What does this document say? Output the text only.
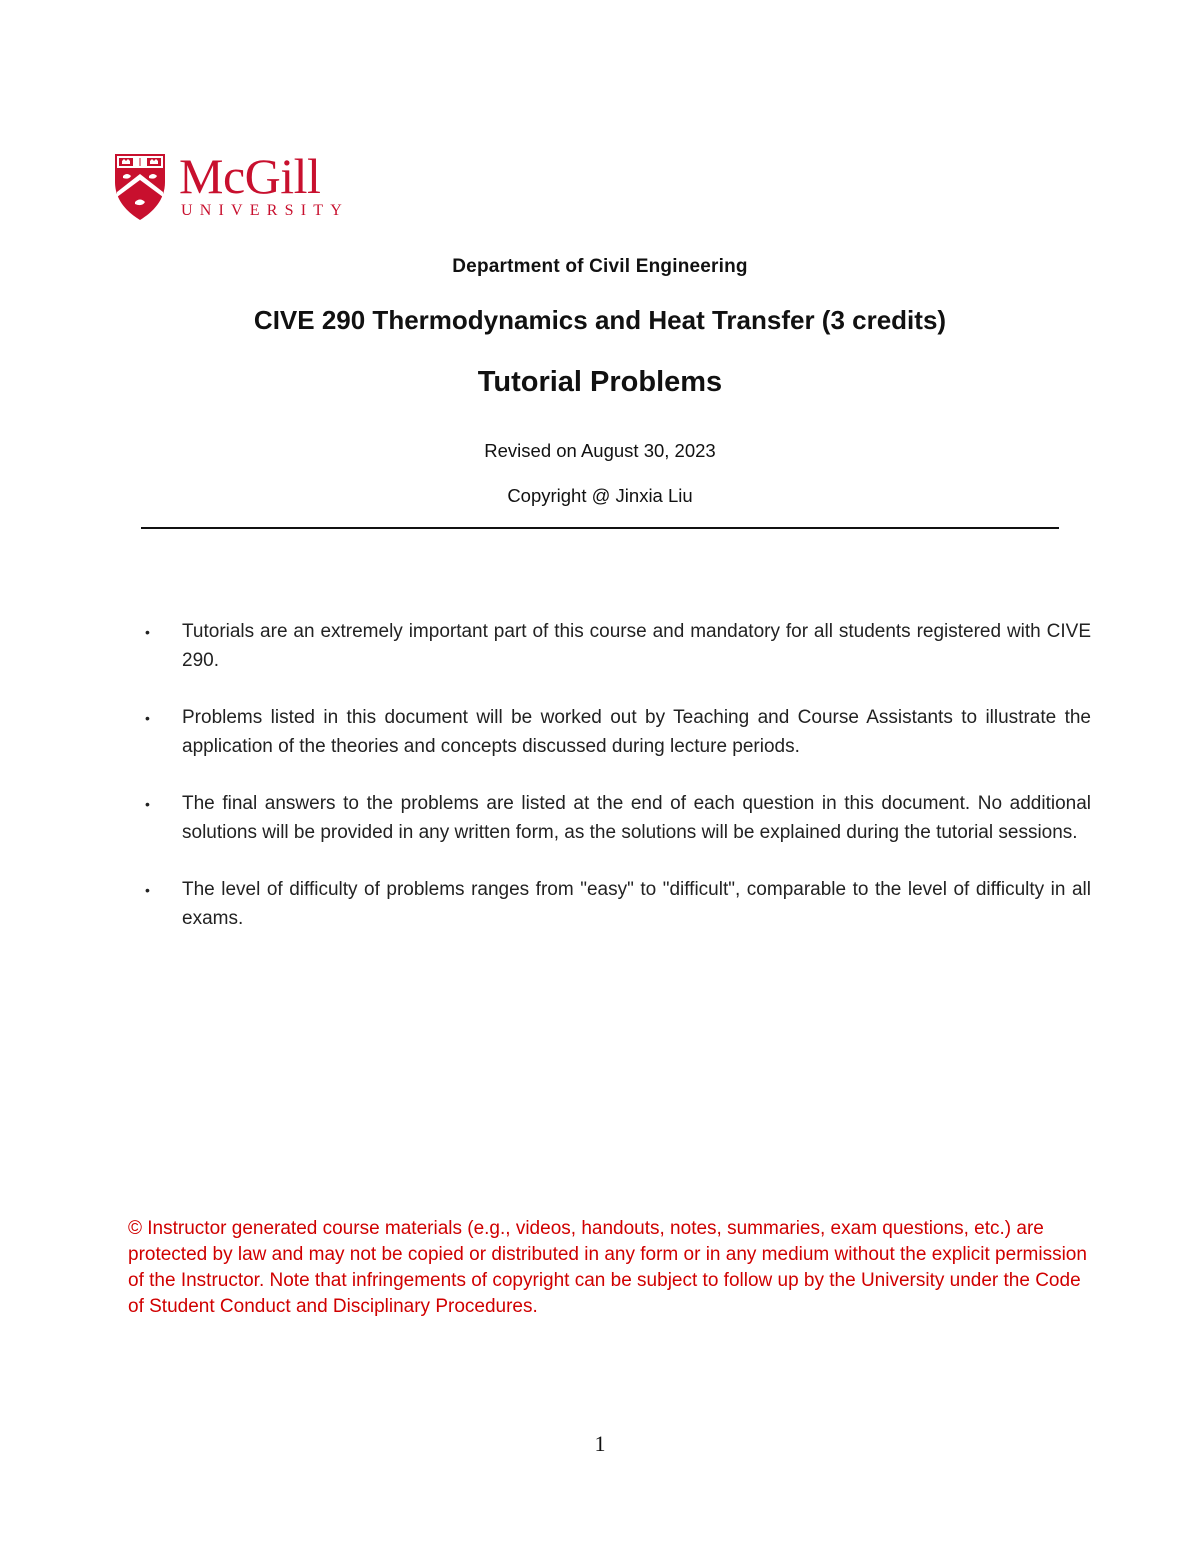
McGill
UNIVERSITY
Department of Civil Engineering
CIVE 290 Thermodynamics and Heat Transfer (3 credits)
Tutorial Problems
Revised on August 30, 2023
Copyright @ Jinxia Liu
• Tutorials are an extremely important part of this course and mandatory for all students registered with CIVE 290.
• Problems listed in this document will be worked out by Teaching and Course Assistants to illustrate the application of the theories and concepts discussed during lecture periods.
• The final answers to the problems are listed at the end of each question in this document. No additional solutions will be provided in any written form, as the solutions will be explained during the tutorial sessions.
• The level of difficulty of problems ranges from "easy" to "difficult", comparable to the level of difficulty in all exams.
© Instructor generated course materials (e.g., videos, handouts, notes, summaries, exam questions, etc.) are protected by law and may not be copied or distributed in any form or in any medium without the explicit permission of the Instructor. Note that infringements of copyright can be subject to follow up by the University under the Code of Student Conduct and Disciplinary Procedures.
1
